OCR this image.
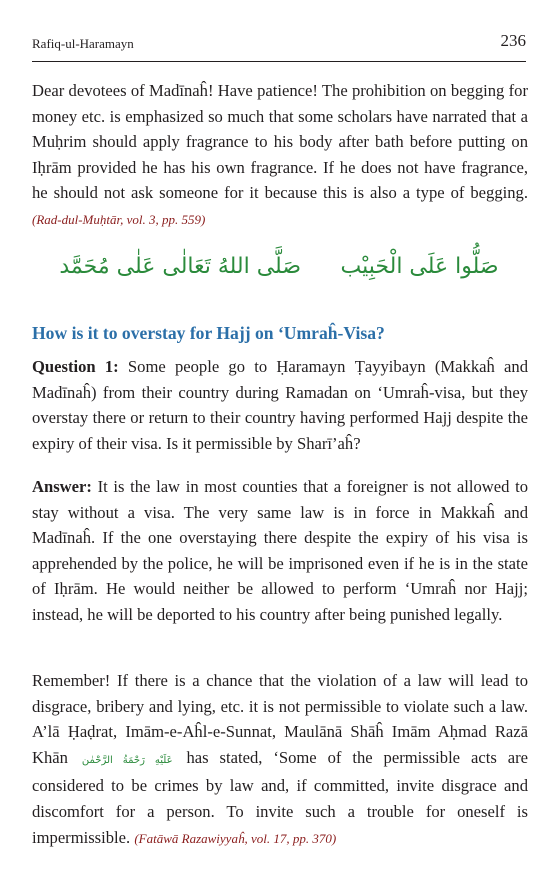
Rafiq-ul-Haramayn	236

Dear devotees of Madīnaĥ! Have patience! The prohibition on begging for money etc. is emphasized so much that some scholars have narrated that a Muḥrim should apply fragrance to his body after bath before putting on Iḥrām provided he has his own fragrance. If he does not have fragrance, he should not ask someone for it because this is also a type of begging. (Rad-dul-Muḥtār, vol. 3, pp. 559)

صَلُّوا عَلَى الْحَبِيْب صَلَّى اللهُ تَعَالٰى عَلٰى مُحَمَّد
How is it to overstay for Hajj on ‘Umraĥ-Visa?

Question 1: Some people go to Ḥaramayn Ṭayyibayn (Makkaĥ and Madīnaĥ) from their country during Ramadan on ‘Umraĥ-visa, but they overstay there or return to their country having performed Hajj despite the expiry of their visa. Is it permissible by Sharī’aĥ?

Answer: It is the law in most counties that a foreigner is not allowed to stay without a visa. The very same law is in force in Makkaĥ and Madīnaĥ. If the one overstaying there despite the expiry of his visa is apprehended by the police, he will be imprisoned even if he is in the state of Iḥrām. He would neither be allowed to perform ‘Umraĥ nor Hajj; instead, he will be deported to his country after being punished legally.

Remember! If there is a chance that the violation of a law will lead to disgrace, bribery and lying, etc. it is not permissible to violate such a law. A’lā Ḥaḍrat, Imām-e-Aĥl-e-Sunnat, Maulānā Shāĥ Imām Aḥmad Razā Khān عَلَيْهِ رَحْمَةُ الرَّحْمٰن has stated, ‘Some of the permissible acts are considered to be crimes by law and, if committed, invite disgrace and discomfort for a person. To invite such a trouble for oneself is impermissible. (Fatāwā Razawiyyaĥ, vol. 17, pp. 370)
